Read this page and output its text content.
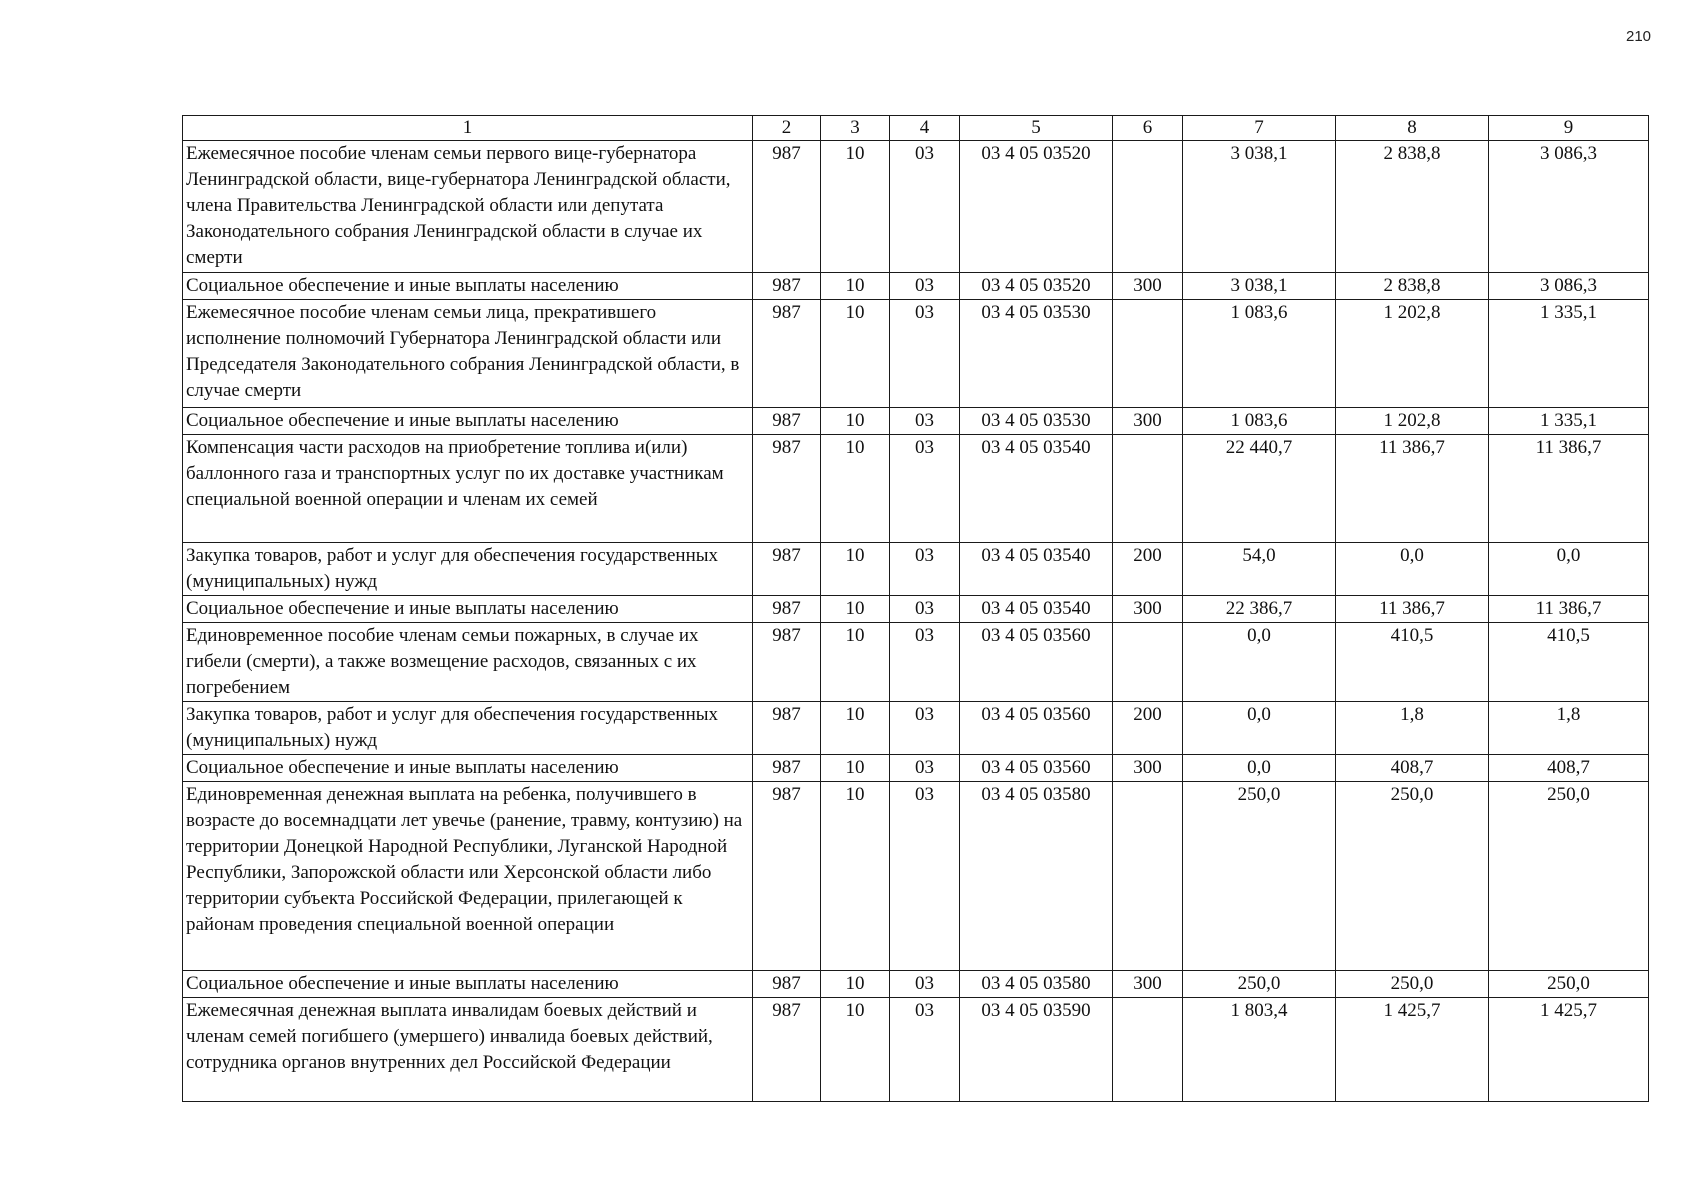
210
1	2	3	4	5	6	7	8	9
Ежемесячное пособие членам семьи первого вице-губернатора Ленинградской области, вице-губернатора Ленинградской области, члена Правительства Ленинградской области или депутата Законодательного собрания Ленинградской области в случае их смерти	987	10	03	03 4 05 03520		3 038,1	2 838,8	3 086,3
Социальное обеспечение и иные выплаты населению	987	10	03	03 4 05 03520	300	3 038,1	2 838,8	3 086,3
Ежемесячное пособие членам семьи лица, прекратившего исполнение полномочий Губернатора Ленинградской области или Председателя Законодательного собрания Ленинградской области, в случае смерти	987	10	03	03 4 05 03530		1 083,6	1 202,8	1 335,1
Социальное обеспечение и иные выплаты населению	987	10	03	03 4 05 03530	300	1 083,6	1 202,8	1 335,1
Компенсация части расходов на приобретение топлива и(или) баллонного газа и транспортных услуг по их доставке участникам специальной военной операции и членам их семей	987	10	03	03 4 05 03540		22 440,7	11 386,7	11 386,7
Закупка товаров, работ и услуг для обеспечения государственных (муниципальных) нужд	987	10	03	03 4 05 03540	200	54,0	0,0	0,0
Социальное обеспечение и иные выплаты населению	987	10	03	03 4 05 03540	300	22 386,7	11 386,7	11 386,7
Единовременное пособие членам семьи пожарных, в случае их гибели (смерти), а также возмещение расходов, связанных с их погребением	987	10	03	03 4 05 03560		0,0	410,5	410,5
Закупка товаров, работ и услуг для обеспечения государственных (муниципальных) нужд	987	10	03	03 4 05 03560	200	0,0	1,8	1,8
Социальное обеспечение и иные выплаты населению	987	10	03	03 4 05 03560	300	0,0	408,7	408,7
Единовременная денежная выплата на ребенка, получившего в возрасте до восемнадцати лет увечье (ранение, травму, контузию) на территории Донецкой Народной Республики, Луганской Народной Республики, Запорожской области или Херсонской области либо территории субъекта Российской Федерации, прилегающей к районам проведения специальной военной операции	987	10	03	03 4 05 03580		250,0	250,0	250,0
Социальное обеспечение и иные выплаты населению	987	10	03	03 4 05 03580	300	250,0	250,0	250,0
Ежемесячная денежная выплата инвалидам боевых действий и членам семей погибшего (умершего) инвалида боевых действий, сотрудника органов внутренних дел Российской Федерации	987	10	03	03 4 05 03590		1 803,4	1 425,7	1 425,7
